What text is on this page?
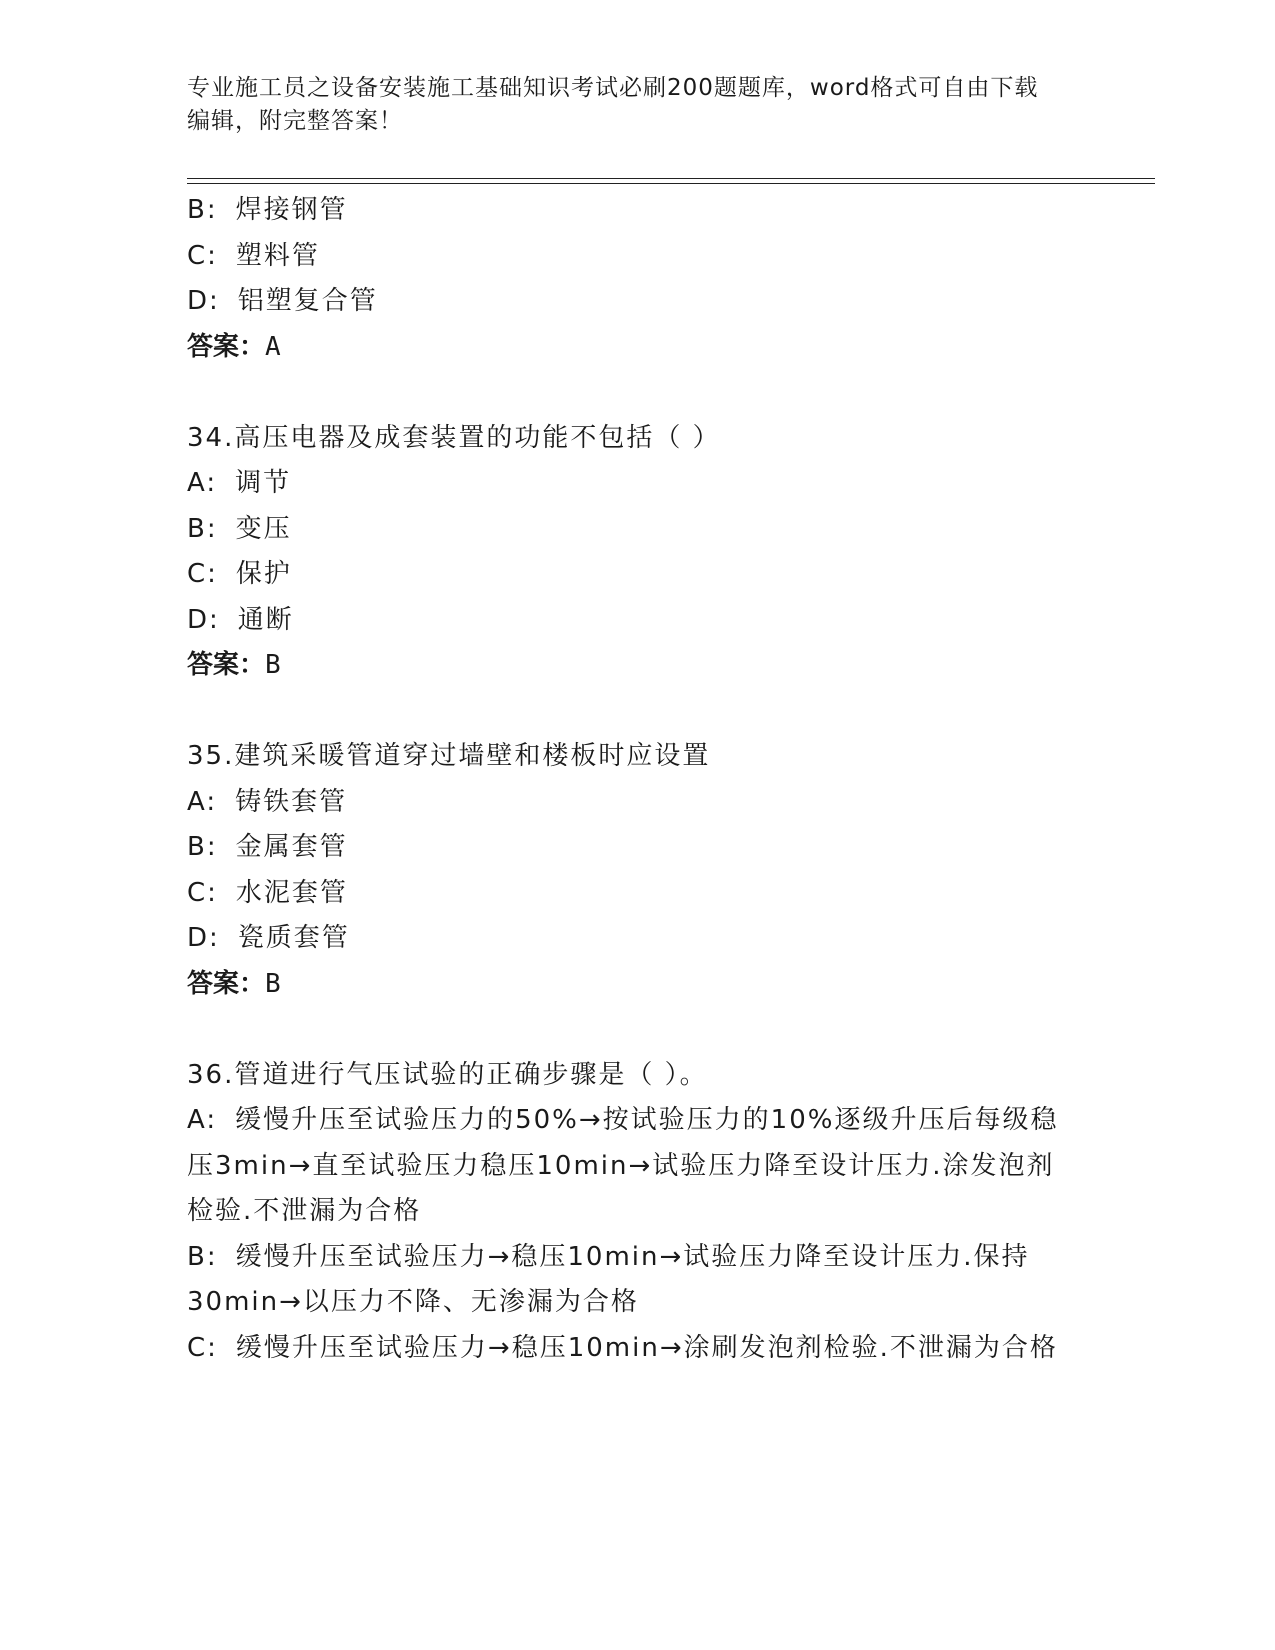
专业施工员之设备安装施工基础知识考试必刷200题题库，word格式可自由下载
编辑，附完整答案！
B: 焊接钢管
C: 塑料管
D: 铝塑复合管
答案：A
34.高压电器及成套装置的功能不包括（ ）
A: 调节
B: 变压
C: 保护
D: 通断
答案：B
35.建筑采暖管道穿过墙壁和楼板时应设置
A: 铸铁套管
B: 金属套管
C: 水泥套管
D: 瓷质套管
答案：B
36.管道进行气压试验的正确步骤是（ ）。
A: 缓慢升压至试验压力的50%→按试验压力的10%逐级升压后每级稳
压3min→直至试验压力稳压10min→试验压力降至设计压力.涂发泡剂
检验.不泄漏为合格
B: 缓慢升压至试验压力→稳压10min→试验压力降至设计压力.保持
30min→以压力不降、无渗漏为合格
C: 缓慢升压至试验压力→稳压10min→涂刷发泡剂检验.不泄漏为合格
